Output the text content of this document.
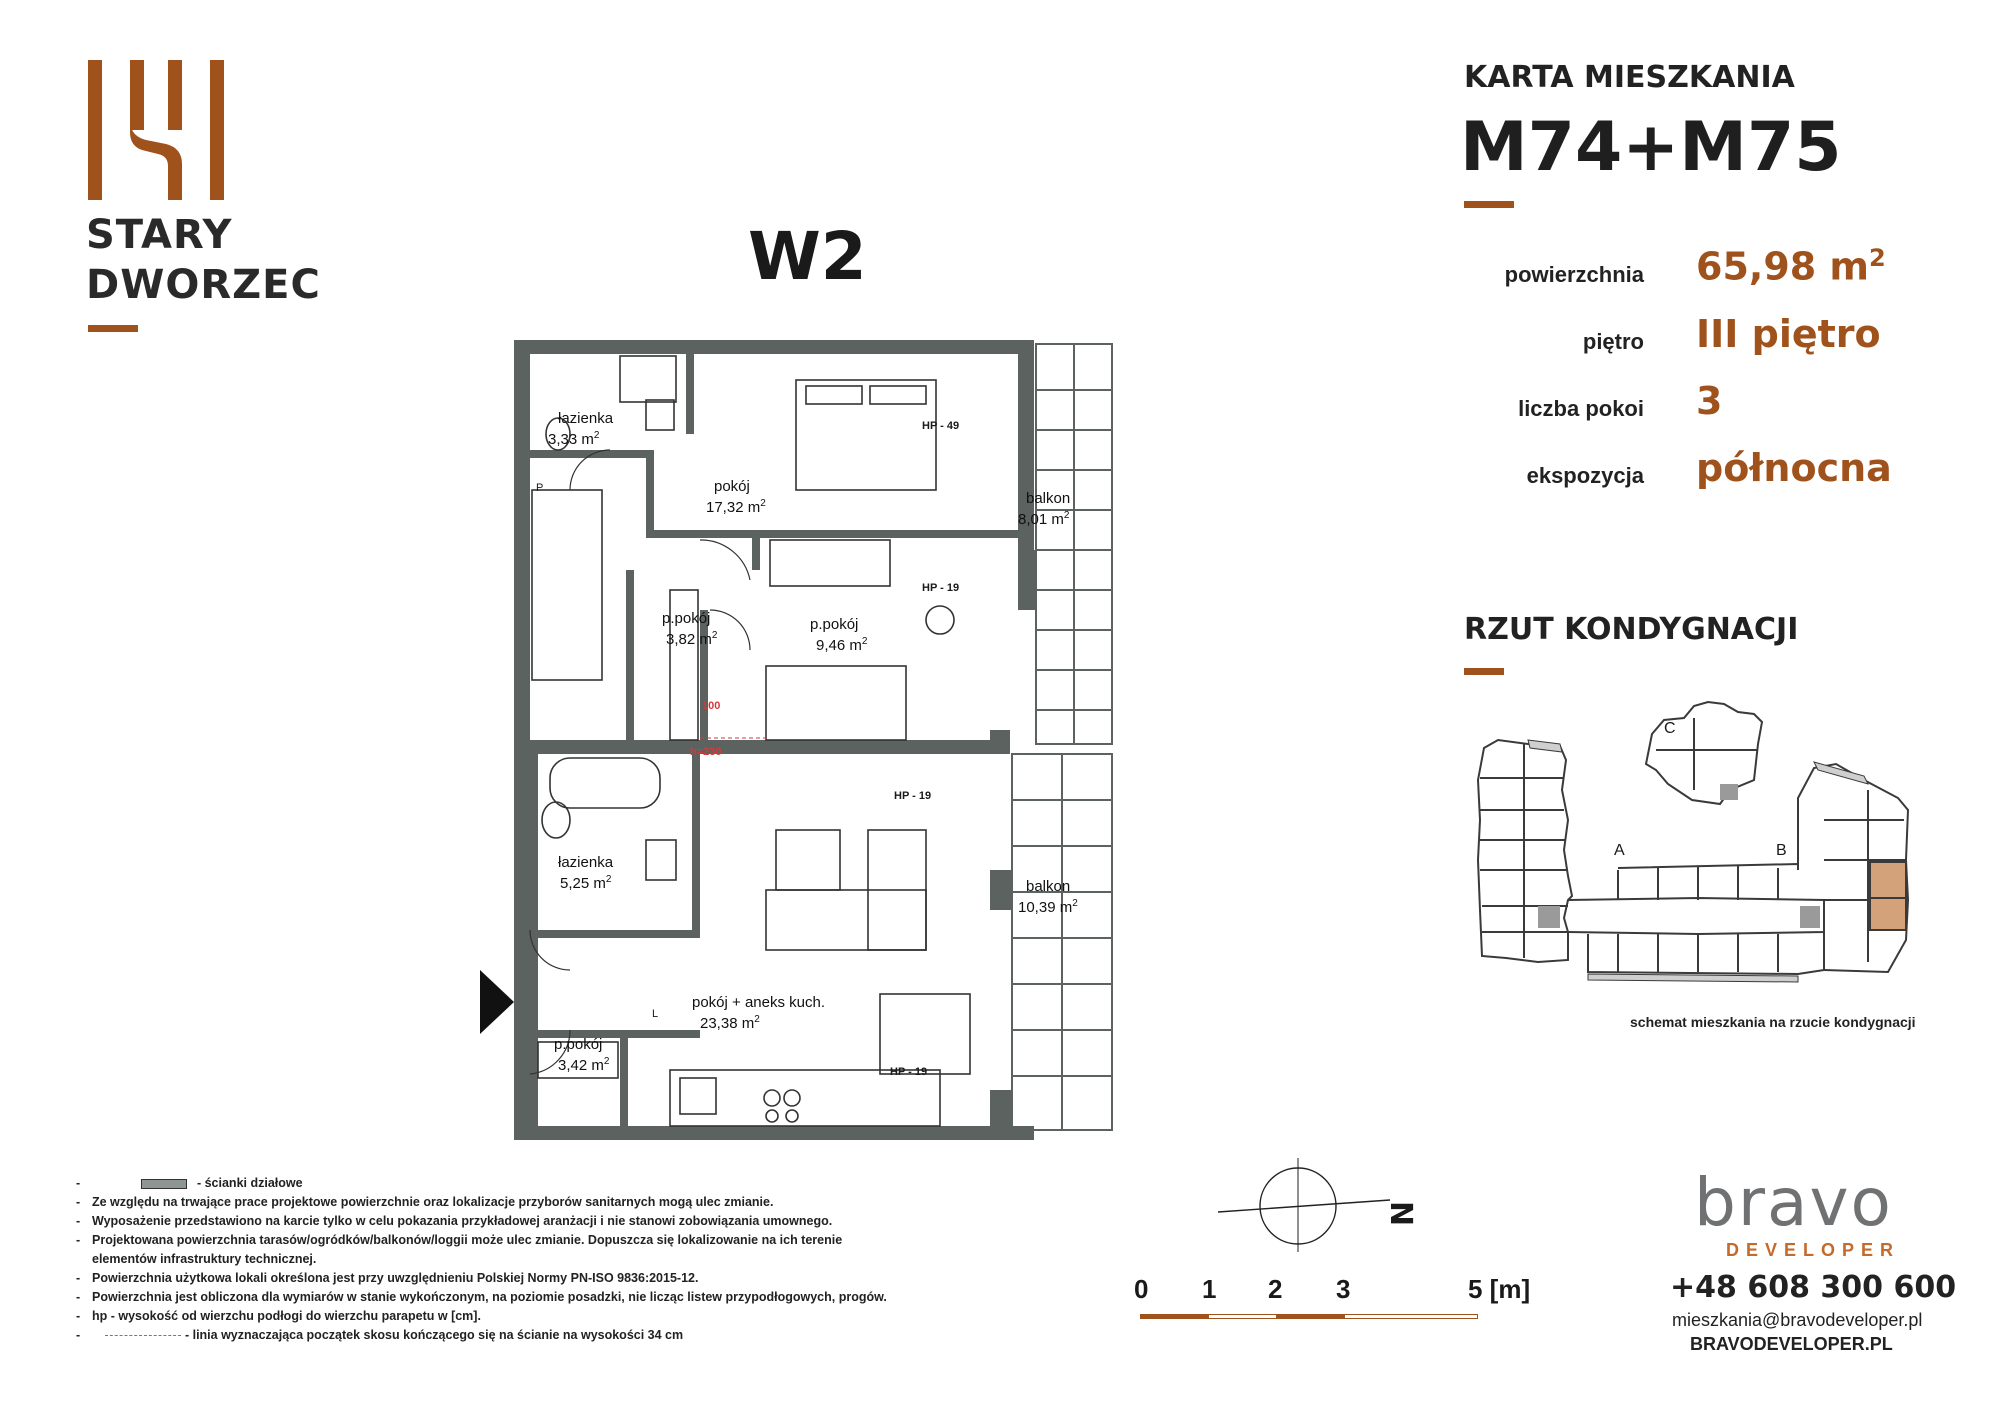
STARY
DWORZEC
KARTA MIESZKANIA
M74+M75
powierzchnia 65,98 $m^2$
piętro III piętro
liczba pokoi 3
ekspozycja północna
RZUT KONDYGNACJI
C
A	B
schemat mieszkania na rzucie kondygnacji
W2
łazienka
3,33 $m^2$
pokój
17,32 $m^2$	balkon
8,01 $m^2$
p.pokój
3,82 $m^2$
p.pokój
9,46 $m^2$
łazienka
5,25 $m^2$	balkon
10,39 $m^2$
pokój + aneks kuch.
23,38 $m^2$
p.pokój
3,42 $m^2$
HP - 49
HP - 19
HP - 19
HP - 19
100
h=230
P
L
-	- ścianki działowe
- Ze względu na trwające prace projektowe powierzchnie oraz lokalizacje przyborów sanitarnych mogą ulec zmianie.
- Wyposażenie przedstawiono na karcie tylko w celu pokazania przykładowej aranżacji i nie stanowi zobowiązania umownego.
- Projektowana powierzchnia tarasów/ogródków/balkonów/loggii może ulec zmianie. Dopuszcza się lokalizowanie na ich terenie
elementów infrastruktury technicznej.
- Powierzchnia użytkowa lokali określona jest przy uwzględnieniu Polskiej Normy PN-ISO 9836:2015-12.
- Powierzchnia jest obliczona dla wymiarów w stanie wykończonym, na poziomie posadzki, nie licząc listew przypodłogowych, progów.
- hp - wysokość od wierzchu podłogi do wierzchu parapetu w [cm].
-	- linia wyznaczająca początek skosu kończącego się na ścianie na wysokości 34 cm
N
0 1 2 3	5 [m]
bravo
DEVELOPER
+48 608 300 600
mieszkania@bravodeveloper.pl
BRAVODEVELOPER.PL
